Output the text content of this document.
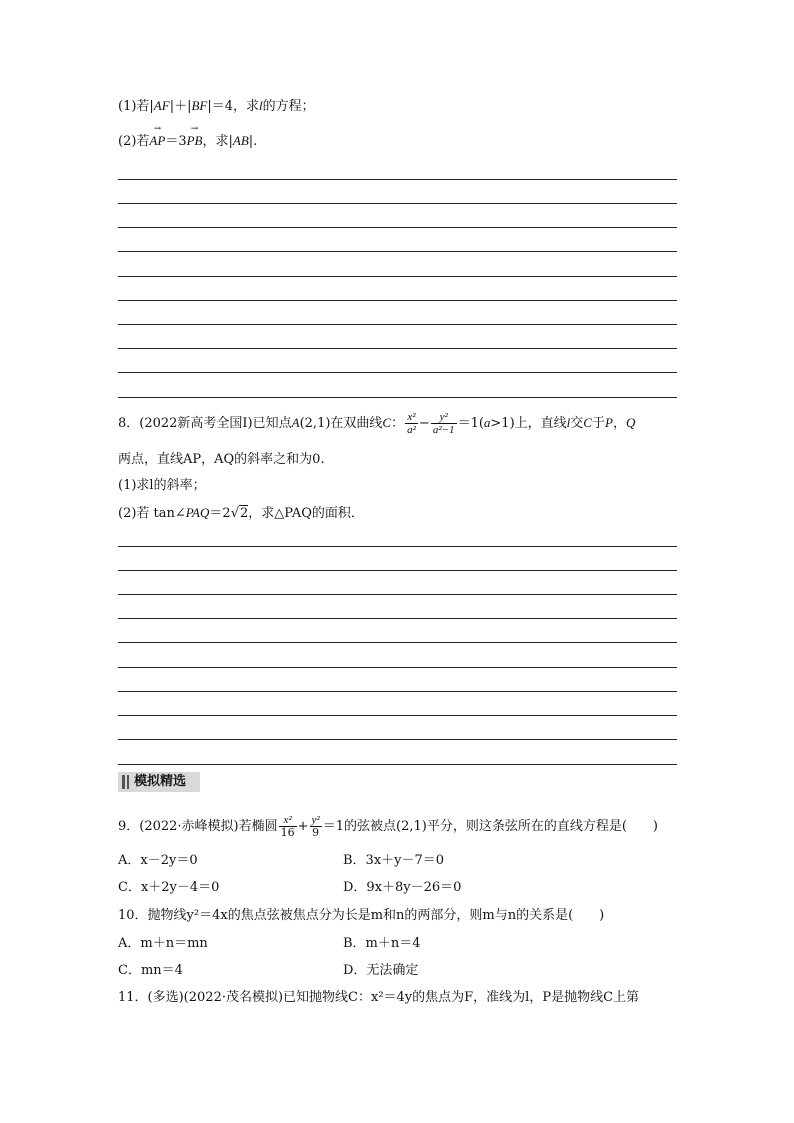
(1)若|AF|＋|BF|＝4，求l的方程；
(2)若
→
AP＝3
→
PB，求|AB|.
8．(2022新高考全国Ⅰ)已知点A(2,1)在双曲线C： $\frac{\text{x²}}{\text{a²}} - \frac{\text{y²}}{\text{a²−1}} =1(a>1)$上，直线l交C于P，Q
两点，直线AP，AQ的斜率之和为0.
(1)求l的斜率；
(2)若 tan∠PAQ＝2√2，求△PAQ的面积．
模拟精选
9．(2022·赤峰模拟)若椭圆 $\frac{\text{x²}}{16} + \frac{\text{y²}}{9} =1$的弦被点(2,1)平分，则这条弦所在的直线方程是(　　)
A．x－2y＝0	B．3x＋y－7＝0
C．x＋2y－4＝0	D．9x＋8y－26＝0
10．抛物线y²＝4x的焦点弦被焦点分为长是m和n的两部分，则m与n的关系是(　　)
A．m＋n＝mn	B．m＋n＝4
C．mn＝4	D．无法确定
11．(多选)(2022·茂名模拟)已知抛物线C：x²＝4y的焦点为F，准线为l，P是抛物线C上第
